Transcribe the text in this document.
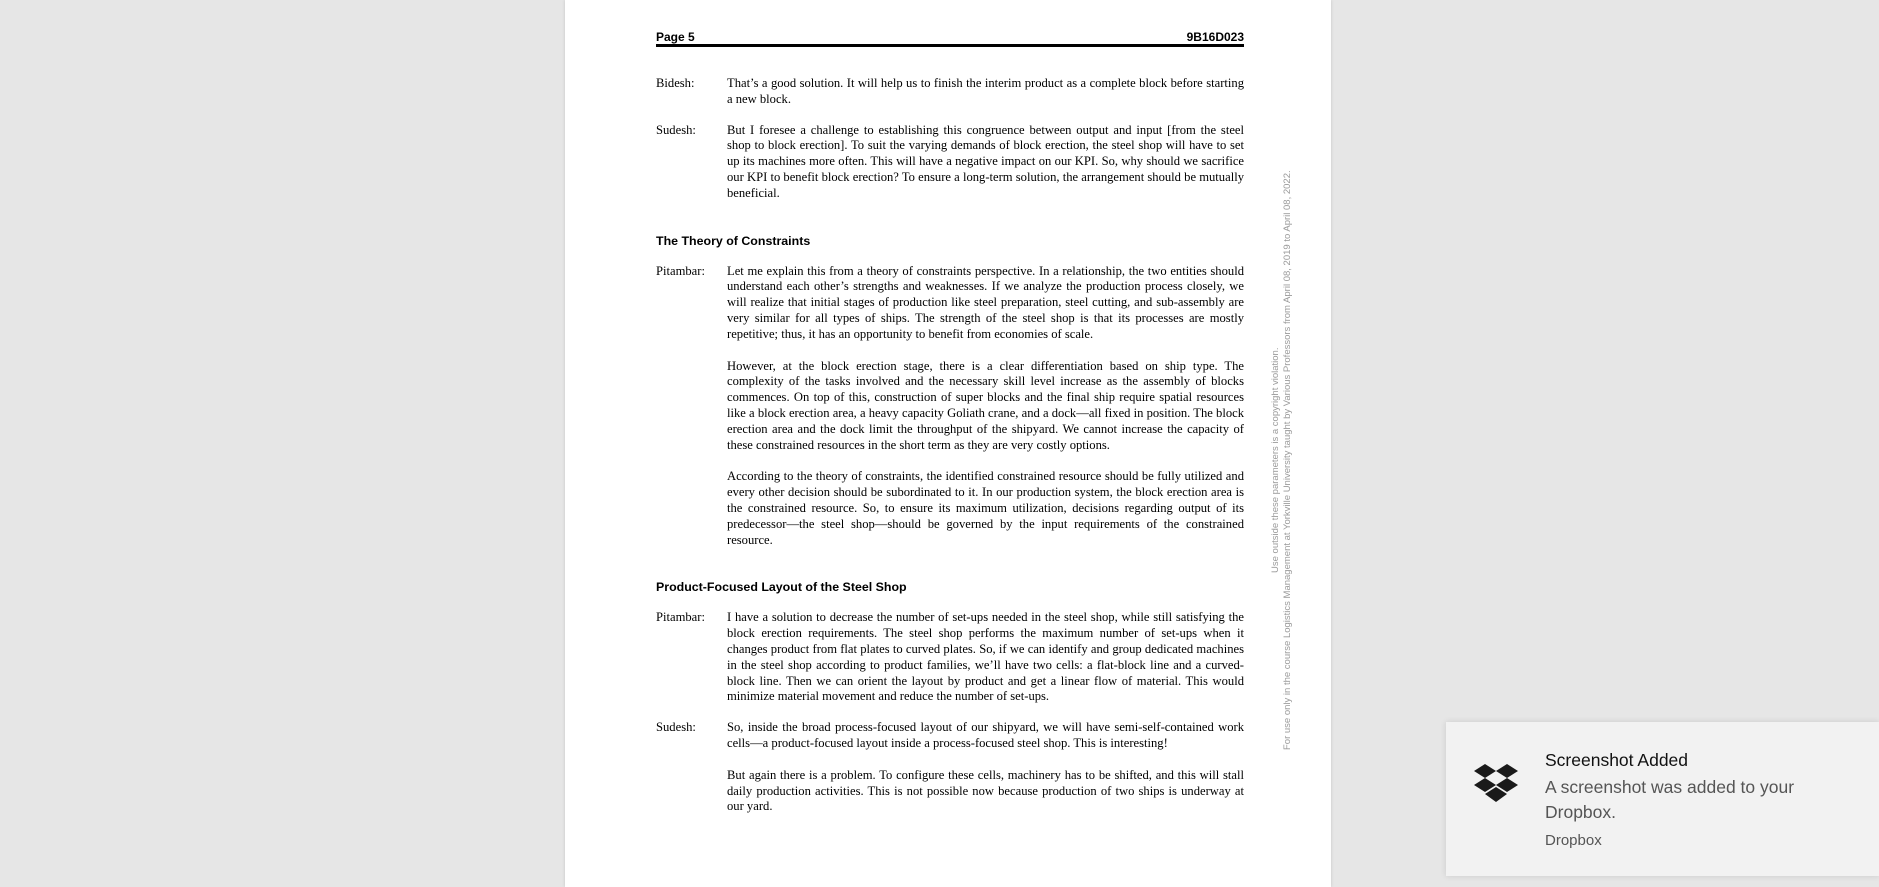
Page 5	9B16D023
Bidesh:	That’s a good solution. It will help us to finish the interim product as a complete block before starting a new block.
Sudesh:	But I foresee a challenge to establishing this congruence between output and input [from the steel shop to block erection]. To suit the varying demands of block erection, the steel shop will have to set up its machines more often. This will have a negative impact on our KPI. So, why should we sacrifice our KPI to benefit block erection? To ensure a long-term solution, the arrangement should be mutually beneficial.
The Theory of Constraints
Pitambar:	Let me explain this from a theory of constraints perspective. In a relationship, the two entities should understand each other’s strengths and weaknesses. If we analyze the production process closely, we will realize that initial stages of production like steel preparation, steel cutting, and sub-assembly are very similar for all types of ships. The strength of the steel shop is that its processes are mostly repetitive; thus, it has an opportunity to benefit from economies of scale.
However, at the block erection stage, there is a clear differentiation based on ship type. The complexity of the tasks involved and the necessary skill level increase as the assembly of blocks commences. On top of this, construction of super blocks and the final ship require spatial resources like a block erection area, a heavy capacity Goliath crane, and a dock—all fixed in position. The block erection area and the dock limit the throughput of the shipyard. We cannot increase the capacity of these constrained resources in the short term as they are very costly options.
According to the theory of constraints, the identified constrained resource should be fully utilized and every other decision should be subordinated to it. In our production system, the block erection area is the constrained resource. So, to ensure its maximum utilization, decisions regarding output of its predecessor—the steel shop—should be governed by the input requirements of the constrained resource.
Product-Focused Layout of the Steel Shop
Pitambar:	I have a solution to decrease the number of set-ups needed in the steel shop, while still satisfying the block erection requirements. The steel shop performs the maximum number of set-ups when it changes product from flat plates to curved plates. So, if we can identify and group dedicated machines in the steel shop according to product families, we’ll have two cells: a flat-block line and a curved-block line. Then we can orient the layout by product and get a linear flow of material. This would minimize material movement and reduce the number of set-ups.
Sudesh:	So, inside the broad process-focused layout of our shipyard, we will have semi-self-contained work cells—a product-focused layout inside a process-focused steel shop. This is interesting!
But again there is a problem. To configure these cells, machinery has to be shifted, and this will stall daily production activities. This is not possible now because production of two ships is underway at our yard.
For use only in the course Logistics Management at Yorkville University taught by Various Professors from April 08, 2019 to April 08, 2022.
Use outside these parameters is a copyright violation.
Screenshot Added
A screenshot was added to your Dropbox.
Dropbox
